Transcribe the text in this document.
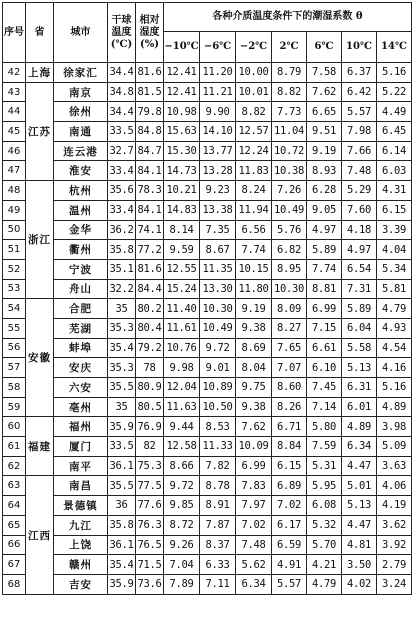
序号	省	城市	干球
温度
(℃)	相对
湿度
(%)	各种介质温度条件下的潮湿系数 θ						
					−10℃	−6℃	−2℃	2℃	6℃	10℃	14℃
42	上海	徐家汇	34.4	81.6	12.41	11.20	10.00	8.79	7.58	6.37	5.16
43	江苏	南京	34.8	81.5	12.41	11.21	10.01	8.82	7.62	6.42	5.22
44		徐州	34.4	79.8	10.98	9.90	8.82	7.73	6.65	5.57	4.49
45		南通	33.5	84.8	15.63	14.10	12.57	11.04	9.51	7.98	6.45
46		连云港	32.7	84.7	15.30	13.77	12.24	10.72	9.19	7.66	6.14
47		淮安	33.4	84.1	14.73	13.28	11.83	10.38	8.93	7.48	6.03
48	浙江	杭州	35.6	78.3	10.21	9.23	8.24	7.26	6.28	5.29	4.31
49		温州	33.4	84.1	14.83	13.38	11.94	10.49	9.05	7.60	6.15
50		金华	36.2	74.1	8.14	7.35	6.56	5.76	4.97	4.18	3.39
51		衢州	35.8	77.2	9.59	8.67	7.74	6.82	5.89	4.97	4.04
52		宁波	35.1	81.6	12.55	11.35	10.15	8.95	7.74	6.54	5.34
53		舟山	32.2	84.4	15.24	13.30	11.80	10.30	8.81	7.31	5.81
54	安徽	合肥	35	80.2	11.40	10.30	9.19	8.09	6.99	5.89	4.79
55		芜湖	35.3	80.4	11.61	10.49	9.38	8.27	7.15	6.04	4.93
56		蚌埠	35.4	79.2	10.76	9.72	8.69	7.65	6.61	5.58	4.54
57		安庆	35.3	78	9.98	9.01	8.04	7.07	6.10	5.13	4.16
58		六安	35.5	80.9	12.04	10.89	9.75	8.60	7.45	6.31	5.16
59		亳州	35	80.5	11.63	10.50	9.38	8.26	7.14	6.01	4.89
60	福建	福州	35.9	76.9	9.44	8.53	7.62	6.71	5.80	4.89	3.98
61		厦门	33.5	82	12.58	11.33	10.09	8.84	7.59	6.34	5.09
62		南平	36.1	75.3	8.66	7.82	6.99	6.15	5.31	4.47	3.63
63	江西	南昌	35.5	77.5	9.72	8.78	7.83	6.89	5.95	5.01	4.06
64		景德镇	36	77.6	9.85	8.91	7.97	7.02	6.08	5.13	4.19
65		九江	35.8	76.3	8.72	7.87	7.02	6.17	5.32	4.47	3.62
66		上饶	36.1	76.5	9.26	8.37	7.48	6.59	5.70	4.81	3.92
67		赣州	35.4	71.5	7.04	6.33	5.62	4.91	4.21	3.50	2.79
68		吉安	35.9	73.6	7.89	7.11	6.34	5.57	4.79	4.02	3.24
